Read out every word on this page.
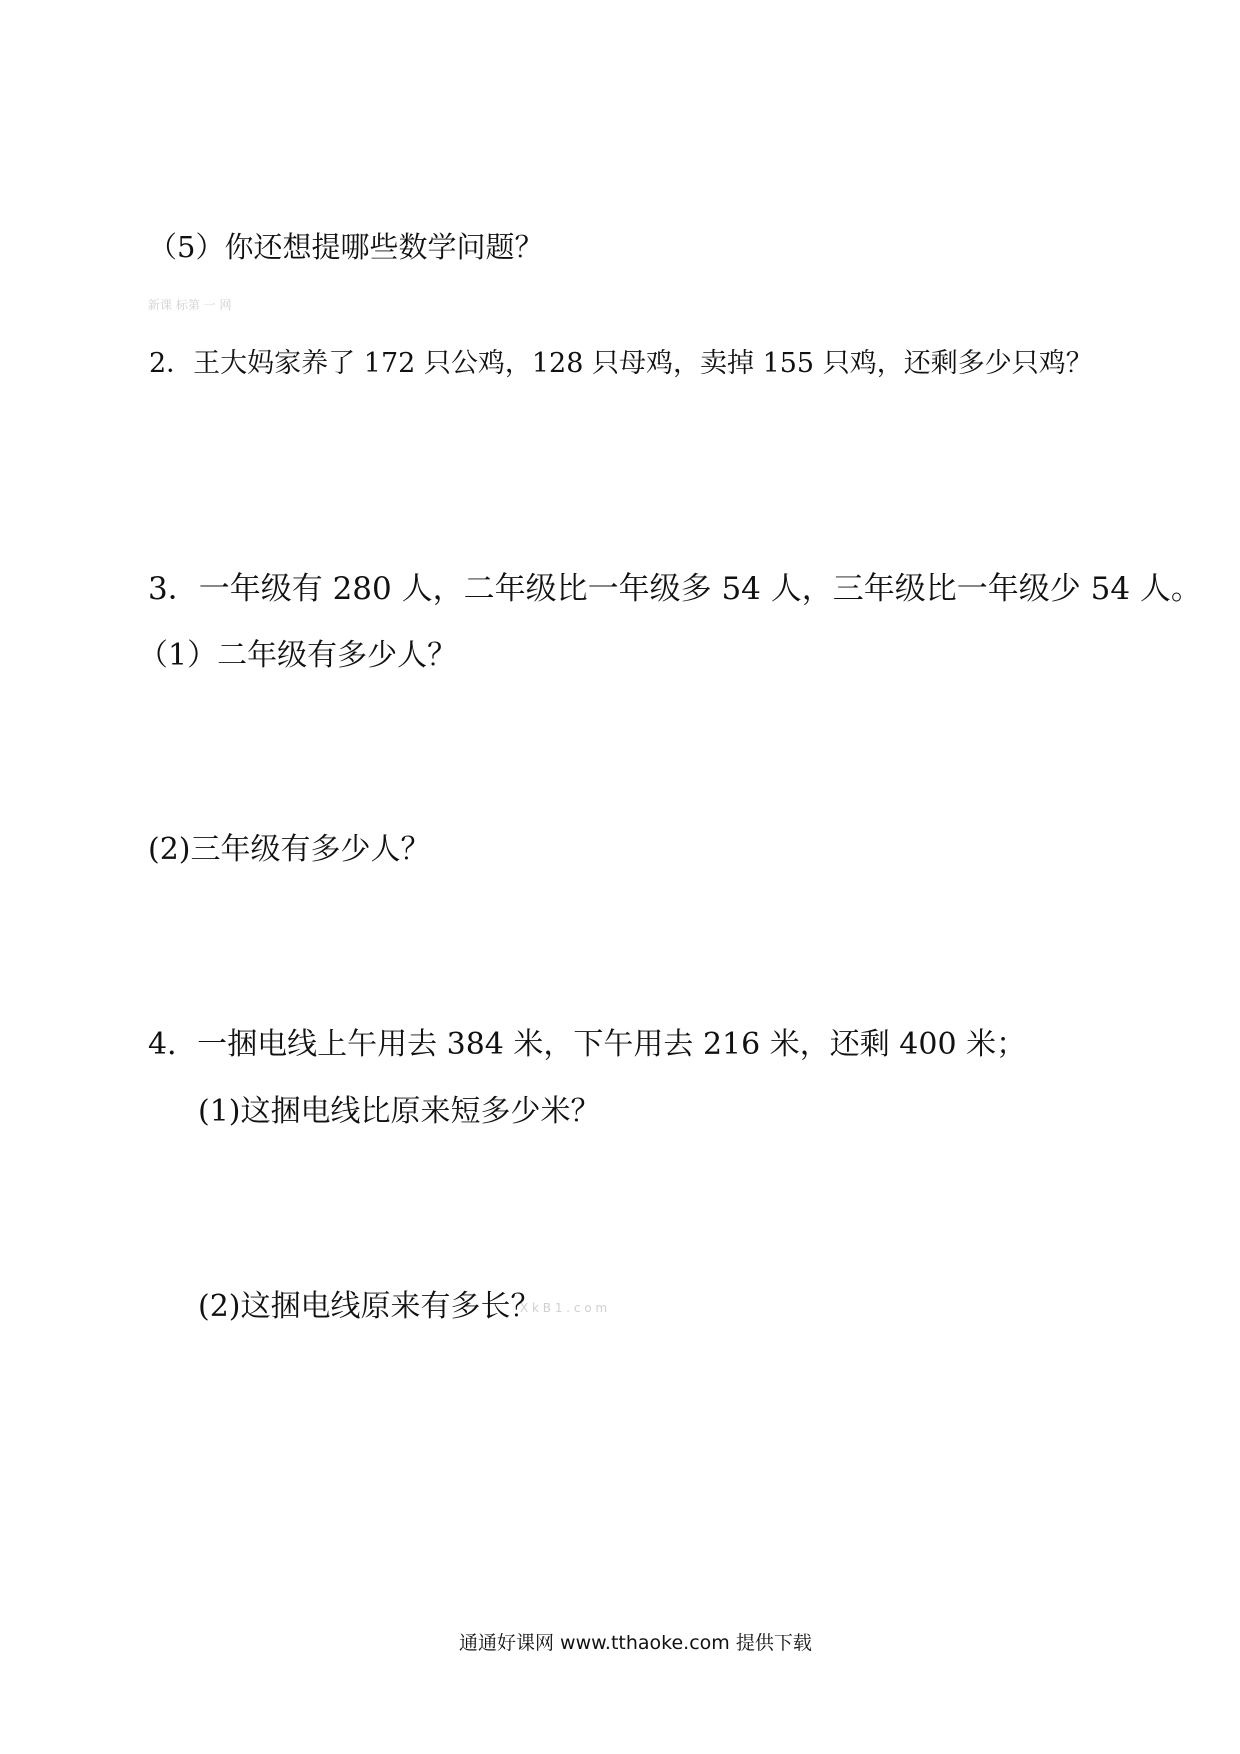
（5）你还想提哪些数学问题？
新课 标第 一 网
2．王大妈家养了 172 只公鸡，128 只母鸡，卖掉 155 只鸡，还剩多少只鸡？
3．一年级有 280 人，二年级比一年级多 54 人，三年级比一年级少 54 人。
（1）二年级有多少人？
(2)三年级有多少人？
4．一捆电线上午用去 384 米，下午用去 216 米，还剩 400 米；
(1)这捆电线比原来短多少米？
(2)这捆电线原来有多长？
X k B 1 . c o m
通通好课网 www.tthaoke.com 提供下载
